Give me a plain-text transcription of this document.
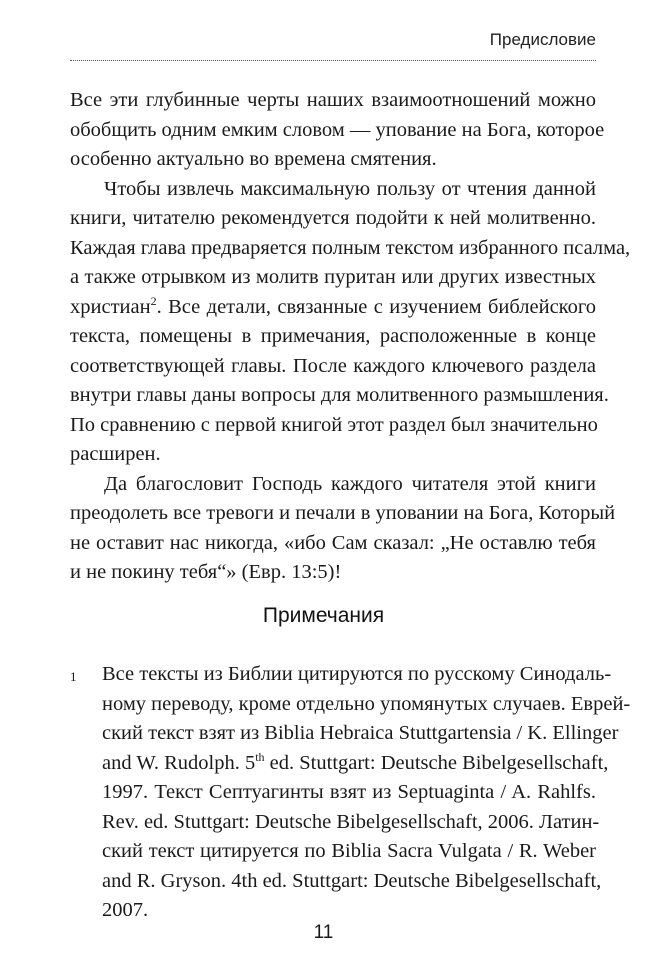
Предисловие

Все эти глубинные черты наших взаимоотношений можно
обобщить одним емким словом — упование на Бога, которое
особенно актуально во времена смятения.

Чтобы извлечь максимальную пользу от чтения данной
книги, читателю рекомендуется подойти к ней молитвенно.
Каждая глава предваряется полным текстом избранного псалма,
а также отрывком из молитв пуритан или других известных
христиан$^2$. Все детали, связанные с изучением библейского
текста, помещены в примечания, расположенные в конце
соответствующей главы. После каждого ключевого раздела
внутри главы даны вопросы для молитвенного размышления.
По сравнению с первой книгой этот раздел был значительно
расширен.

Да благословит Господь каждого читателя этой книги
преодолеть все тревоги и печали в уповании на Бога, Который
не оставит нас никогда, «ибо Сам сказал: „Не оставлю тебя
и не покину тебя“» (Евр. 13:5)!

Примечания
1 Все тексты из Библии цитируются по русскому Синодаль-
ному переводу, кроме отдельно упомянутых случаев. Еврей-
ский текст взят из Biblia Hebraica Stuttgartensia / K. Ellinger
and W. Rudolph. 5th ed. Stuttgart: Deutsche Bibelgesellschaft,
1997. Текст Септуагинты взят из Septuaginta / A. Rahlfs.
Rev. ed. Stuttgart: Deutsche Bibelgesellschaft, 2006. Латин-
ский текст цитируется по Biblia Sacra Vulgata / R. Weber
and R. Gryson. 4th ed. Stuttgart: Deutsche Bibelgesellschaft,
2007.
11
